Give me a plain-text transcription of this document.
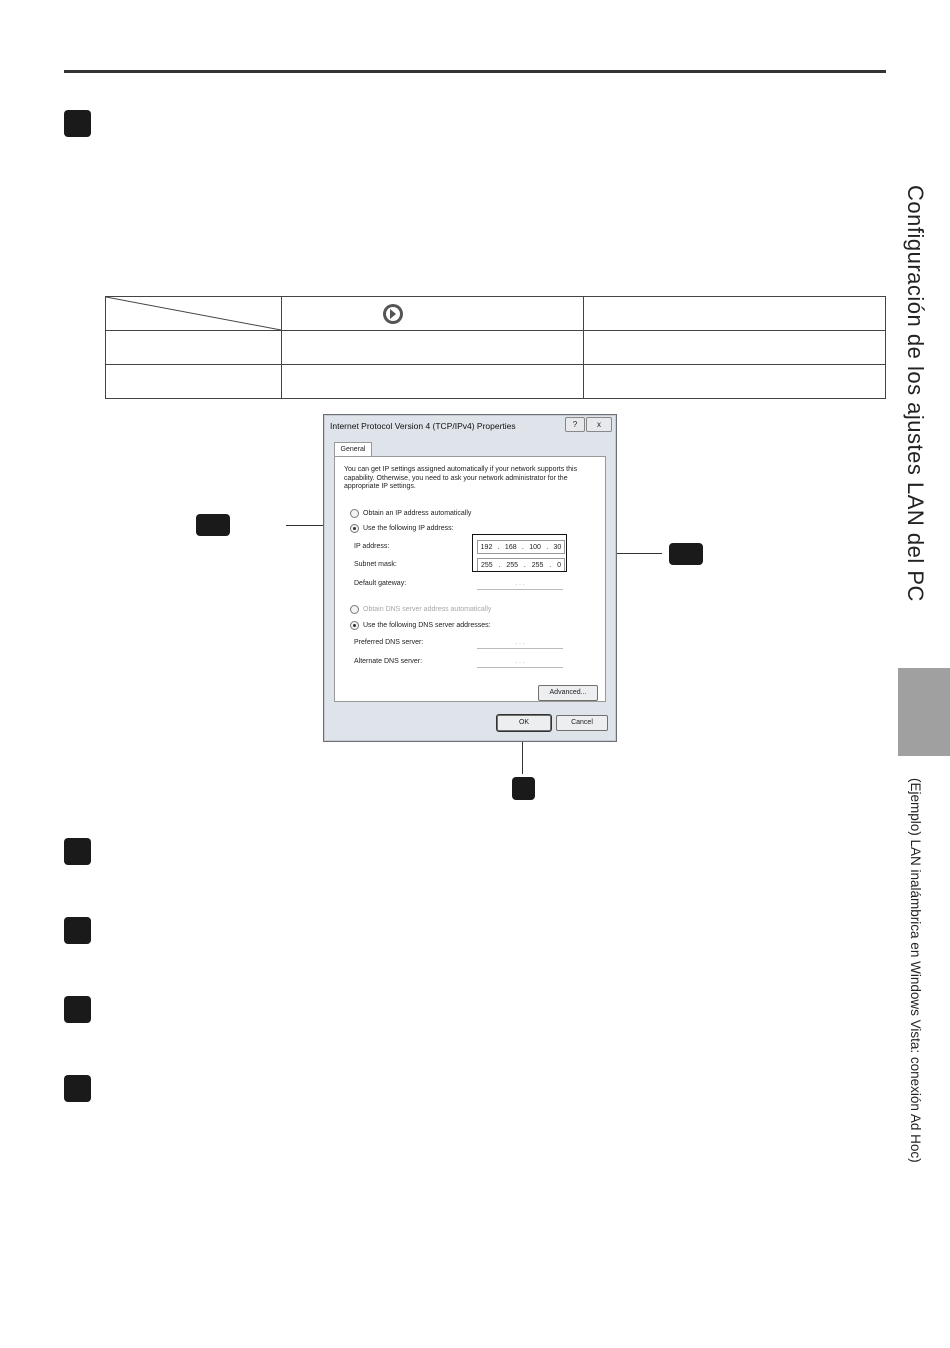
Internet Protocol Version 4 (TCP/IPv4) Properties	?	x
General
You can get IP settings assigned automatically if your network supports this capability. Otherwise, you need to ask your network administrator for the appropriate IP settings.
Obtain an IP address automatically
Use the following IP address:
IP address:	192 . 168 . 100 . 30
Subnet mask:	255 . 255 . 255 . 0
Default gateway:	. . .
Obtain DNS server address automatically
Use the following DNS server addresses:
Preferred DNS server:	. . .
Alternate DNS server:	. . .
Advanced...
OK	Cancel
Configuración de los ajustes LAN del PC
(Ejemplo) LAN inalámbrica en Windows Vista: conexión Ad Hoc)
